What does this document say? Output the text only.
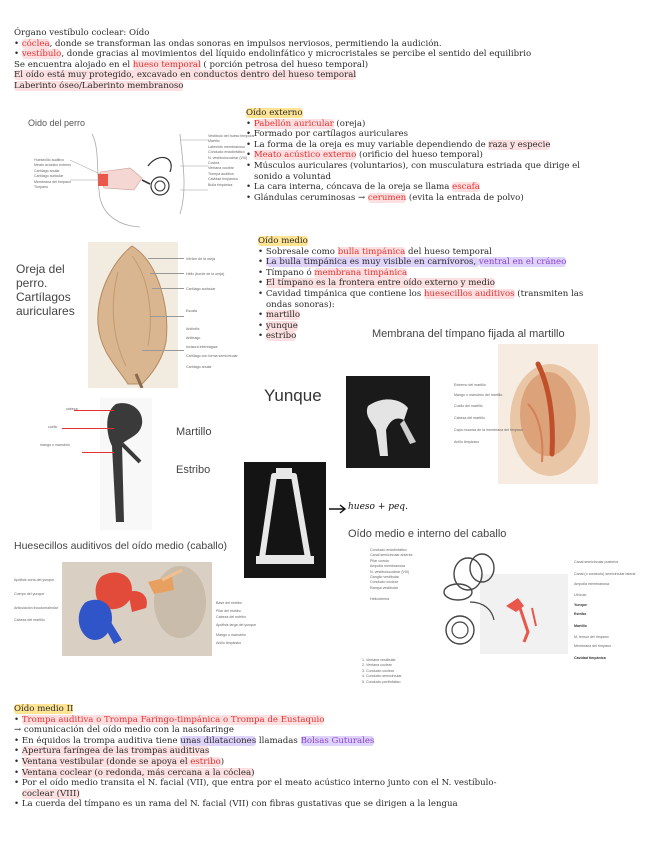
Órgano vestíbulo coclear: Oído
• cóclea, donde se transforman las ondas sonoras en impulsos nerviosos, permitiendo la audición.
• vestíbulo, donde gracias al movimientos del líquido endolinfático y microcristales se percibe el sentido del equilibrio
Se encuentra alojado en el hueso temporal ( porción petrosa del hueso temporal)
El oído está muy protegido, excavado en conductos dentro del hueso temporal
Laberinto óseo/Laberinto membranoso
Oido del perro
Vestíbulo del hueso temporal
Martillo
Laberinto membranoso
Conducto endolinfático
N. vestibulococlear (VIII)
Cóclea
Ventana coclear
Trompa auditiva
Cavidad timpánica
Bulla timpánica
Huesecillo auditivo
Meato acústico externo
Cartílago anular
Cartílago auricular
Membrana del tímpano
Tímpano
Oído externo
• Pabellón auricular (oreja)
• Formado por cartílagos auriculares
• La forma de la oreja es muy variable dependiendo de raza y especie
• Meato acústico externo (orificio del hueso temporal)
• Músculos auriculares (voluntarios), con musculatura estriada que dirige el
sonido a voluntad
• La cara interna, cóncava de la oreja se llama escafa
• Glándulas ceruminosas → cerumen (evita la entrada de polvo)
Oreja del
perro.
Cartílagos
auriculares
Vértice de la oreja
Hélix (borde de la oreja)
Cartílago auricular
Escafa
Antihélix
Antitrago
Incisura intertrágica
Cartílago con forma semicircular
Cartílago anular
Oído medio
• Sobresale como bulla timpánica del hueso temporal
• La bulla timpánica es muy visible en carnívoros, ventral en el cráneo
• Tímpano ó membrana timpánica
• El tímpano es la frontera entre oído externo y medio
• Cavidad timpánica que contiene los huesecillos auditivos (transmiten las
ondas sonoras):
• martillo
• yunque
• estribo	Membrana del tímpano fijada al martillo
Extremo del martillo
Mango o manubrio del martillo
Cuello del martillo
Cabeza del martillo
Capa mucosa de la membrana del tímpano
Anillo timpánico
Yunque
cabeza
cuello
mango o manubrio
Martillo
Estribo
hueso + peq.
Oído medio e interno del caballo
Conducto endolinfático
Canal semicircular anterior
Pilar común
Ampolla membranosa
N. vestibulococlear (VIII)
Ganglio vestibular
Conducto coclear
Rampa vestibular
Helicotrema
Canal semicircular posterior
Canal (o conducto) semicircular lateral
Ampolla membranosa
Utrículo
Yunque
Estribo
Martillo
M. tensor del tímpano
Membrana del tímpano
Cavidad timpánica
1. Ventana vestibular
2. Ventana coclear
3. Conducto coclear
4. Conducto semicircular
5. Conducto perilinfático
Huesecillos auditivos del oído medio (caballo)
Apófisis corta del yunque
Cuerpo del yunque
Articulación incudomaleolar
Cabeza del martillo
Base del estribo
Pilar del estribo
Cabeza del estribo
Apófisis larga del yunque
Mango o manubrio
Anillo timpánico
Oído medio II
• Trompa auditiva o Trompa Faringo-timpánica o Trompa de Eustaquio
→ comunicación del oído medio con la nasofaringe
• En équidos la trompa auditiva tiene unas dilataciones llamadas Bolsas Guturales
• Apertura faríngea de las trompas auditivas
• Ventana vestibular (donde se apoya el estribo)
• Ventana coclear (o redonda, más cercana a la cóclea)
• Por el oído medio transita el N. facial (VII), que entra por el meato acústico interno junto con el N. vestíbulo-
coclear (VIII)
• La cuerda del tímpano es un rama del N. facial (VII) con fibras gustativas que se dirigen a la lengua
